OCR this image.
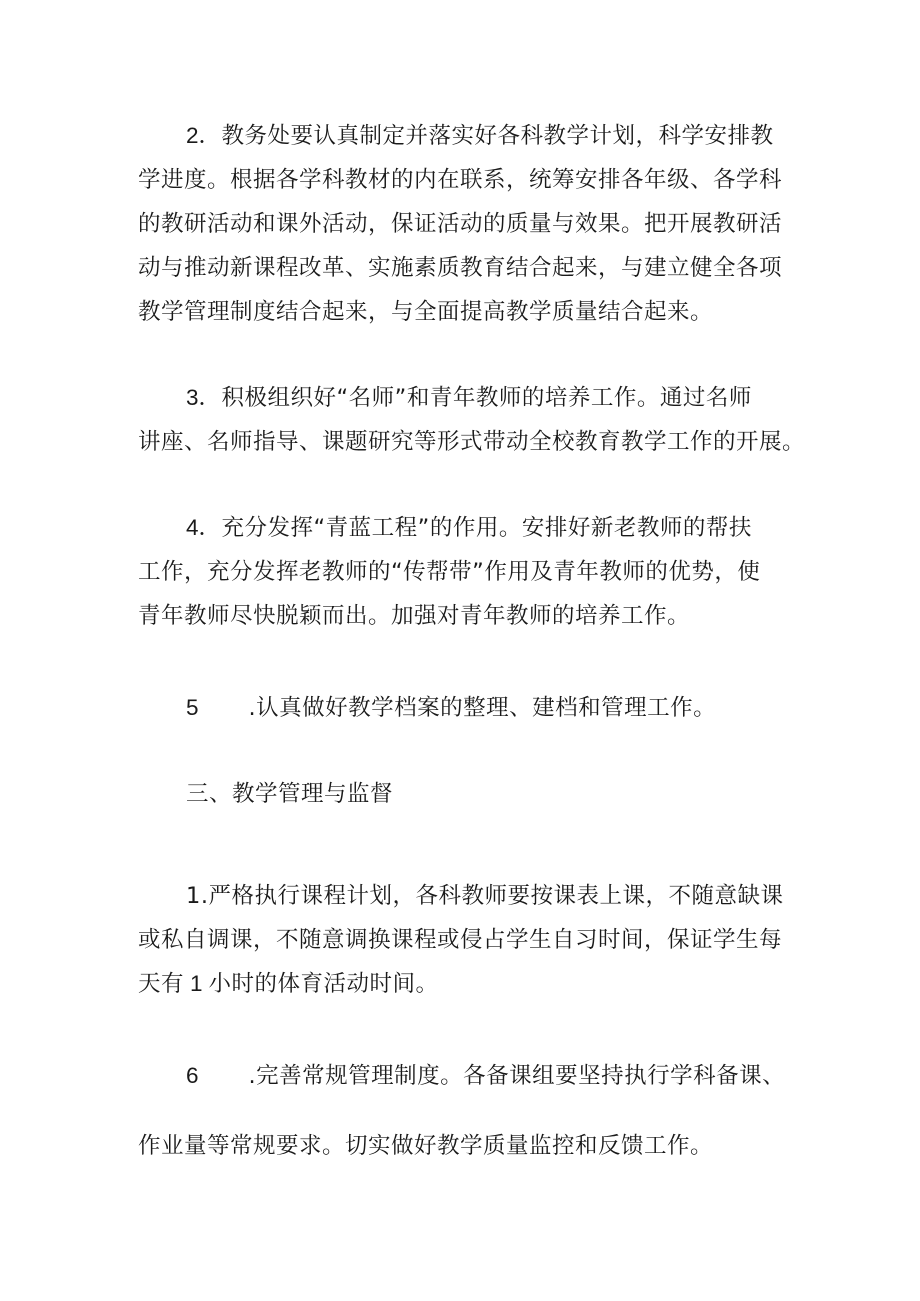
2．教务处要认真制定并落实好各科教学计划，科学安排教
学进度。根据各学科教材的内在联系，统筹安排各年级、各学科
的教研活动和课外活动，保证活动的质量与效果。把开展教研活
动与推动新课程改革、实施素质教育结合起来，与建立健全各项
教学管理制度结合起来，与全面提高教学质量结合起来。
3．积极组织好“名师”和青年教师的培养工作。通过名师
讲座、名师指导、课题研究等形式带动全校教育教学工作的开展。
4．充分发挥“青蓝工程”的作用。安排好新老教师的帮扶
工作，充分发挥老教师的“传帮带”作用及青年教师的优势，使
青年教师尽快脱颖而出。加强对青年教师的培养工作。
5 .认真做好教学档案的整理、建档和管理工作。
三、教学管理与监督
1.严格执行课程计划，各科教师要按课表上课，不随意缺课
或私自调课，不随意调换课程或侵占学生自习时间，保证学生每
天有 1 小时的体育活动时间。
6 .完善常规管理制度。各备课组要坚持执行学科备课、
作业量等常规要求。切实做好教学质量监控和反馈工作。
